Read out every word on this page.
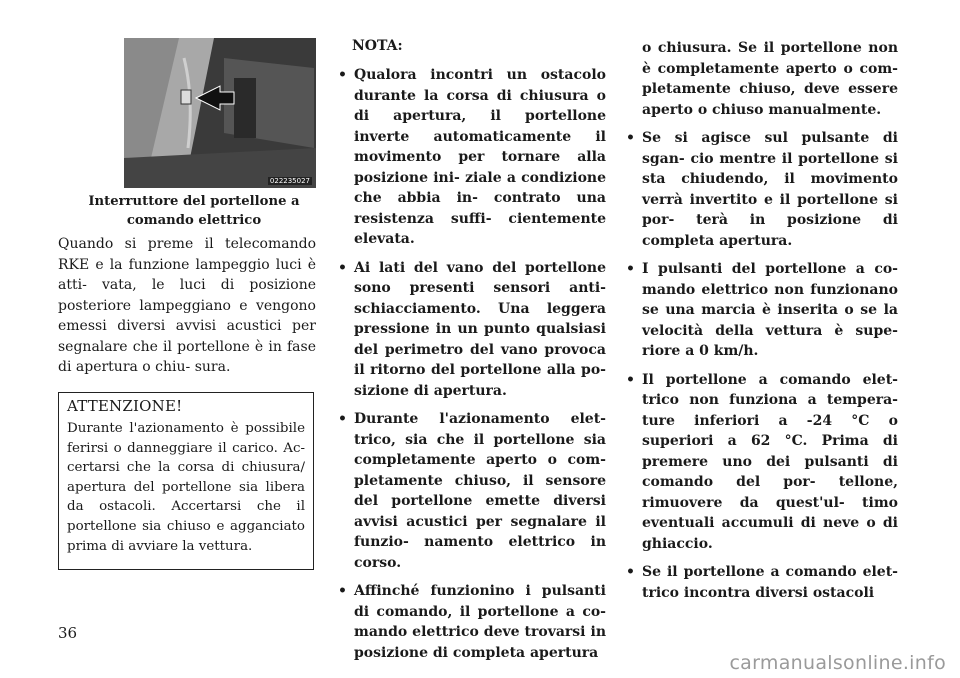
022235027
Interruttore del portellone a comando elettrico

Quando si preme il telecomando RKE e la funzione lampeggio luci è atti- vata, le luci di posizione posteriore lampeggiano e vengono emessi diversi avvisi acustici per segnalare che il portellone è in fase di apertura o chiu- sura.

ATTENZIONE!

Durante l'azionamento è possibile ferirsi o danneggiare il carico. Ac- certarsi che la corsa di chiusura/ apertura del portellone sia libera da ostacoli. Accertarsi che il portellone sia chiuso e agganciato prima di avviare la vettura.

NOTA:
• Qualora incontri un ostacolo durante la corsa di chiusura o di apertura, il portellone inverte automaticamente il movimento per tornare alla posizione ini- ziale a condizione che abbia in- contrato una resistenza suffi- cientemente elevata.
• Ai lati del vano del portellone sono presenti sensori anti- schiacciamento. Una leggera pressione in un punto qualsiasi del perimetro del vano provoca il ritorno del portellone alla po- sizione di apertura.
• Durante l'azionamento elet- trico, sia che il portellone sia completamente aperto o com- pletamente chiuso, il sensore del portellone emette diversi avvisi acustici per segnalare il funzio- namento elettrico in corso.
• Affinché funzionino i pulsanti di comando, il portellone a co- mando elettrico deve trovarsi in posizione di completa apertura

o chiusura. Se il portellone non è completamente aperto o com- pletamente chiuso, deve essere aperto o chiuso manualmente.

• Se si agisce sul pulsante di sgan- cio mentre il portellone si sta chiudendo, il movimento verrà invertito e il portellone si por- terà in posizione di completa apertura.
• I pulsanti del portellone a co- mando elettrico non funzionano se una marcia è inserita o se la velocità della vettura è supe- riore a 0 km/h.
• Il portellone a comando elet- trico non funziona a tempera- ture inferiori a -24 °C o superiori a 62 °C. Prima di premere uno dei pulsanti di comando del por- tellone, rimuovere da quest'ul- timo eventuali accumuli di neve o di ghiaccio.
• Se il portellone a comando elet- trico incontra diversi ostacoli
36
carmanualsonline.info
